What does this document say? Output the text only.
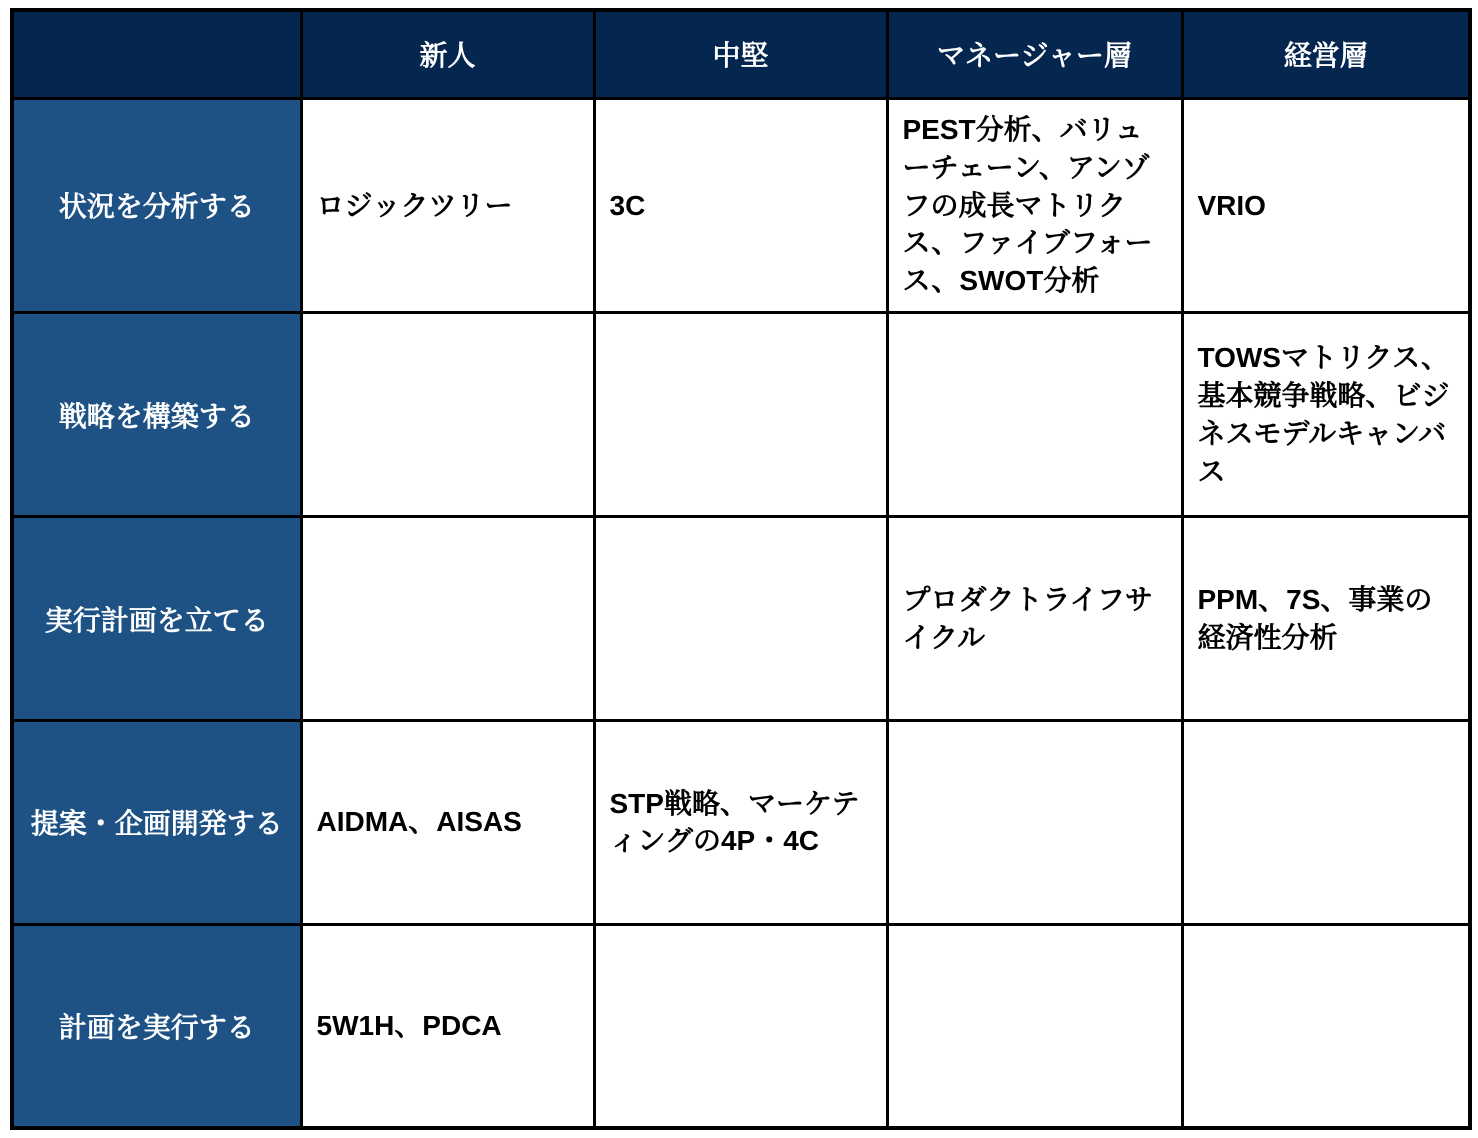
	新人	中堅	マネージャー層	経営層
状況を分析する	ロジックツリー	3C	PEST分析、バリューチェーン、アンゾフの成長マトリクス、ファイブフォース、SWOT分析	VRIO
戦略を構築する				TOWSマトリクス、基本競争戦略、ビジネスモデルキャンバス
実行計画を立てる			プロダクトライフサイクル	PPM、7S、事業の経済性分析
提案・企画開発する	AIDMA、AISAS	STP戦略、マーケティングの4P・4C		
計画を実行する	5W1H、PDCA			
